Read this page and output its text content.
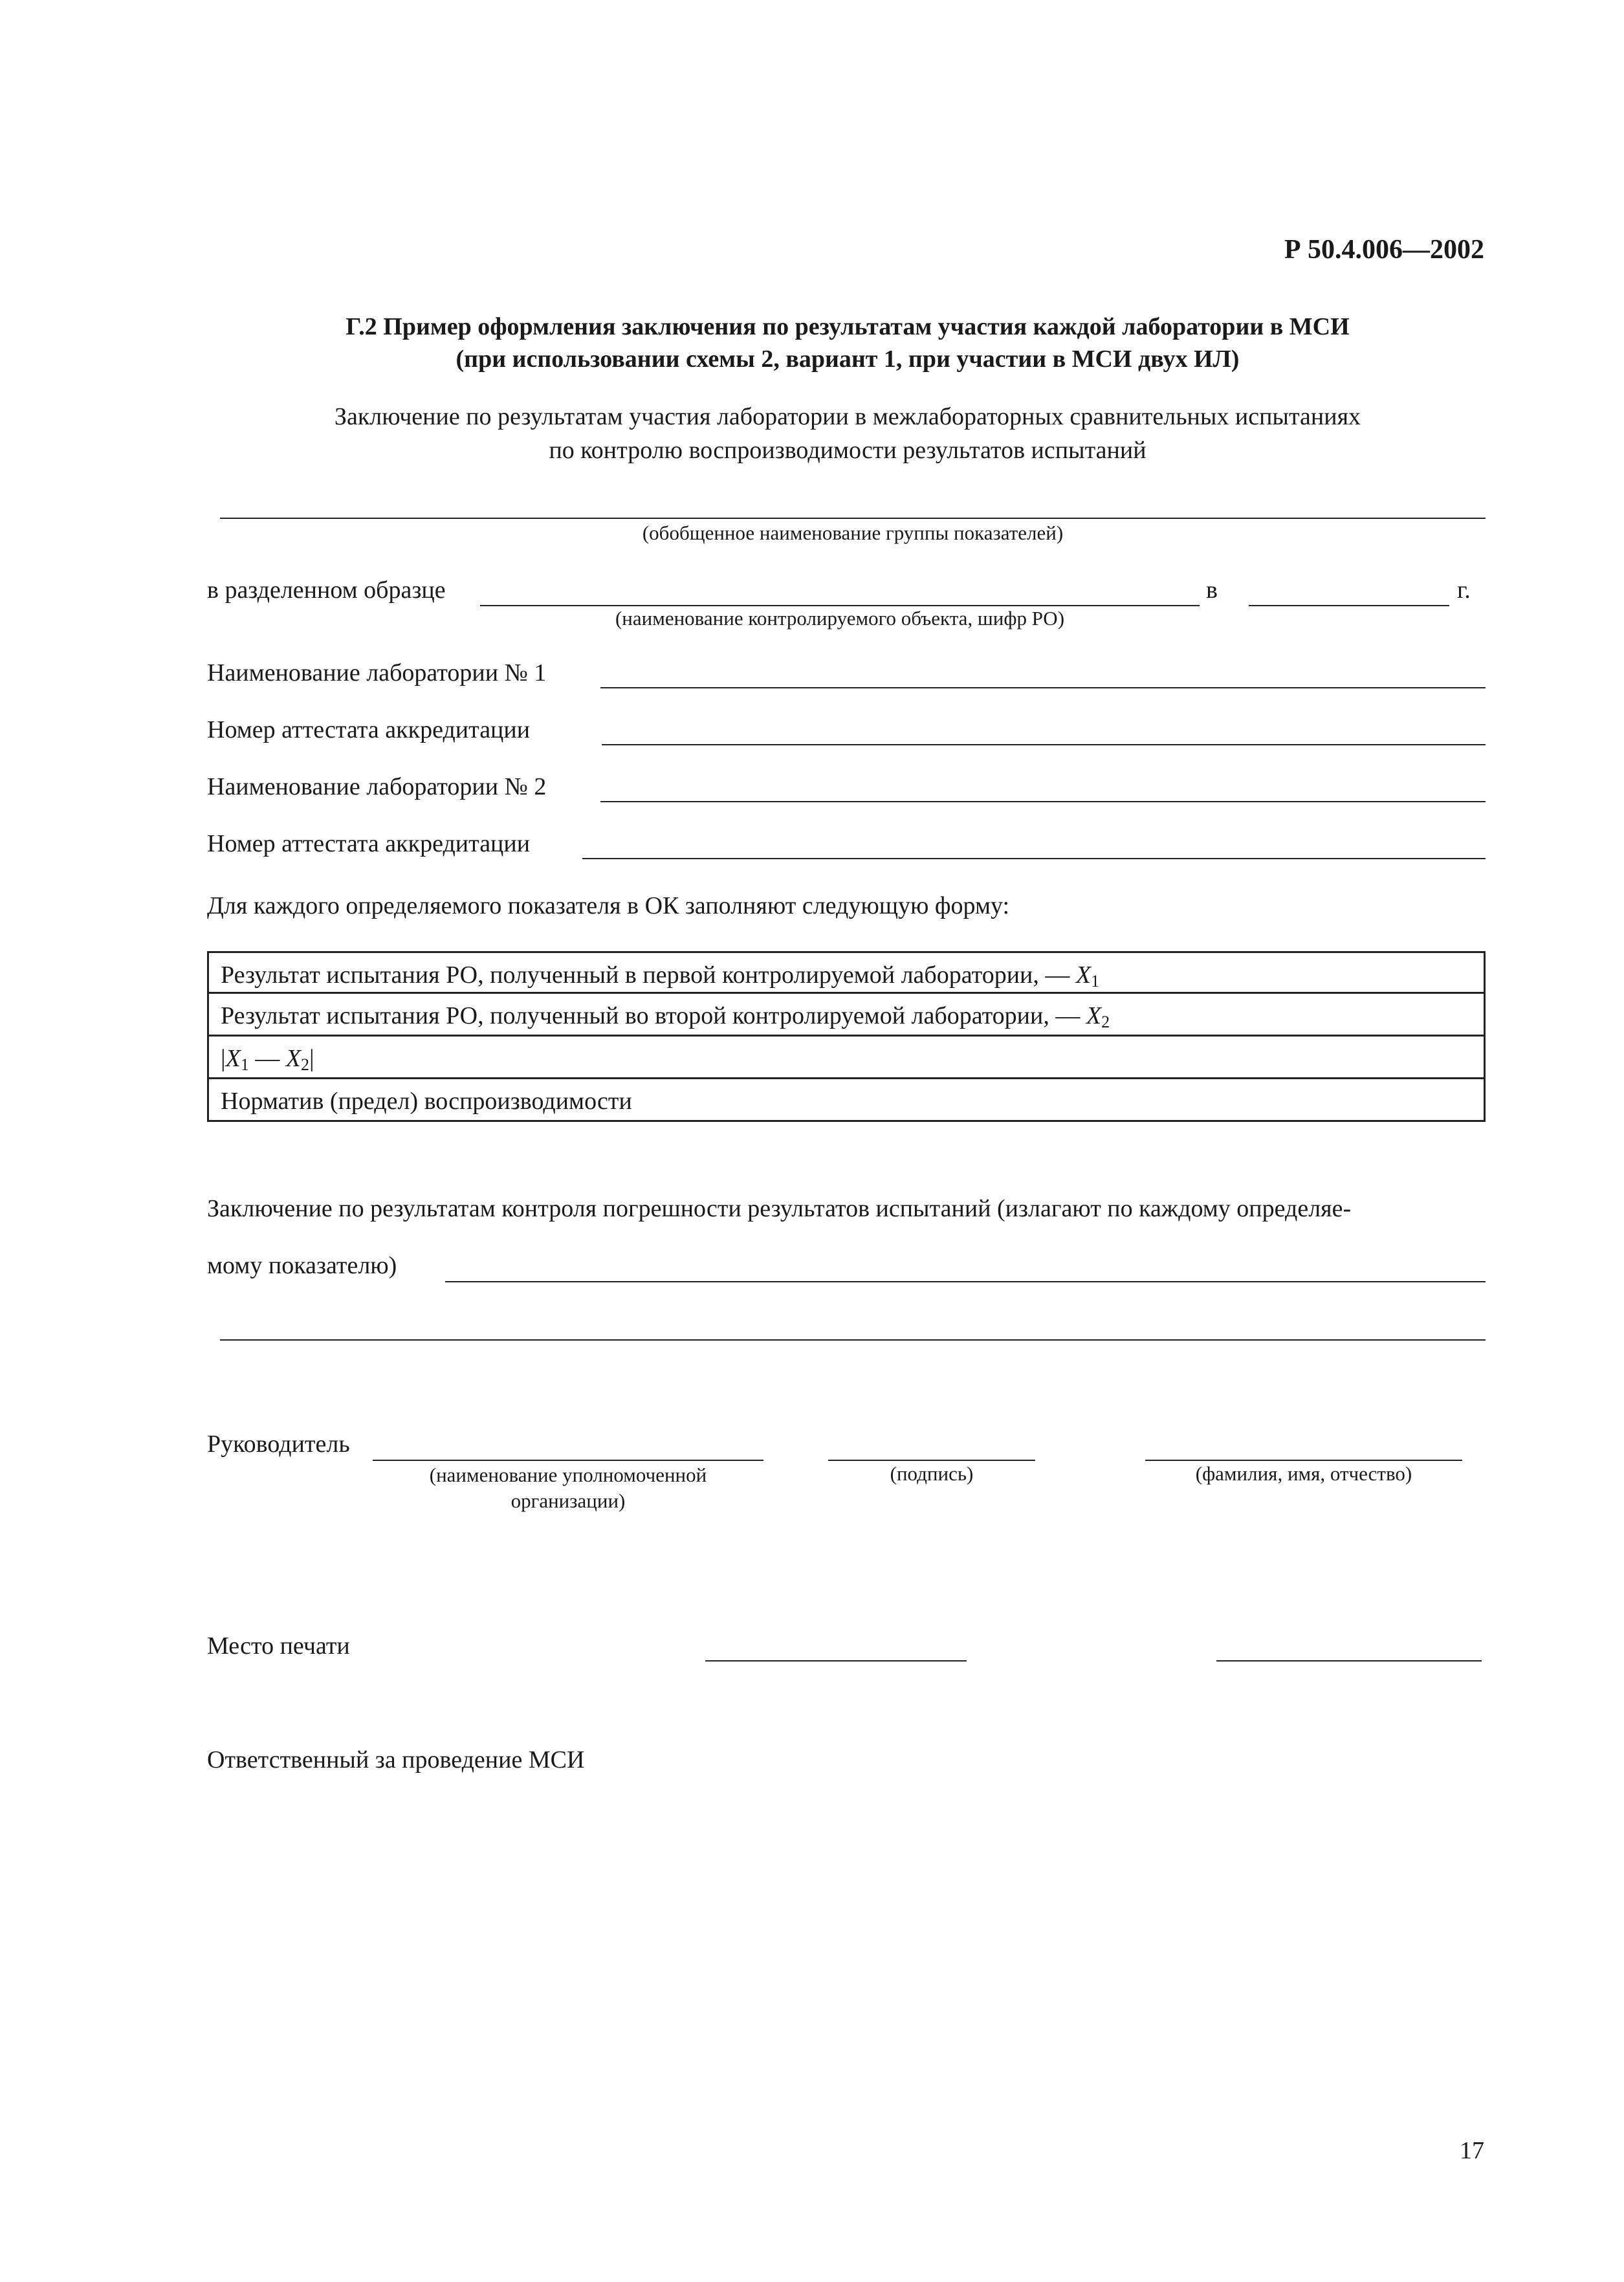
Р 50.4.006—2002
Г.2 Пример оформления заключения по результатам участия каждой лаборатории в МСИ
(при использовании схемы 2, вариант 1, при участии в МСИ двух ИЛ)
Заключение по результатам участия лаборатории в межлабораторных сравнительных испытаниях
по контролю воспроизводимости результатов испытаний
(обобщенное наименование группы показателей)
в разделенном образце	в	г.
(наименование контролируемого объекта, шифр РО)
Наименование лаборатории № 1
Номер аттестата аккредитации
Наименование лаборатории № 2
Номер аттестата аккредитации
Для каждого определяемого показателя в ОК заполняют следующую форму:
Результат испытания РО, полученный в первой контролируемой лаборатории, — $X_1$
Результат испытания РО, полученный во второй контролируемой лаборатории, — $X_2$
$|X_1$ — $X_2|$
Норматив (предел) воспроизводимости
Заключение по результатам контроля погрешности результатов испытаний (излагают по каждому определяе-
мому показателю)
Руководитель
(наименование уполномоченной
организации)
(подпись)	(фамилия, имя, отчество)
Место печати
Ответственный за проведение МСИ
17
